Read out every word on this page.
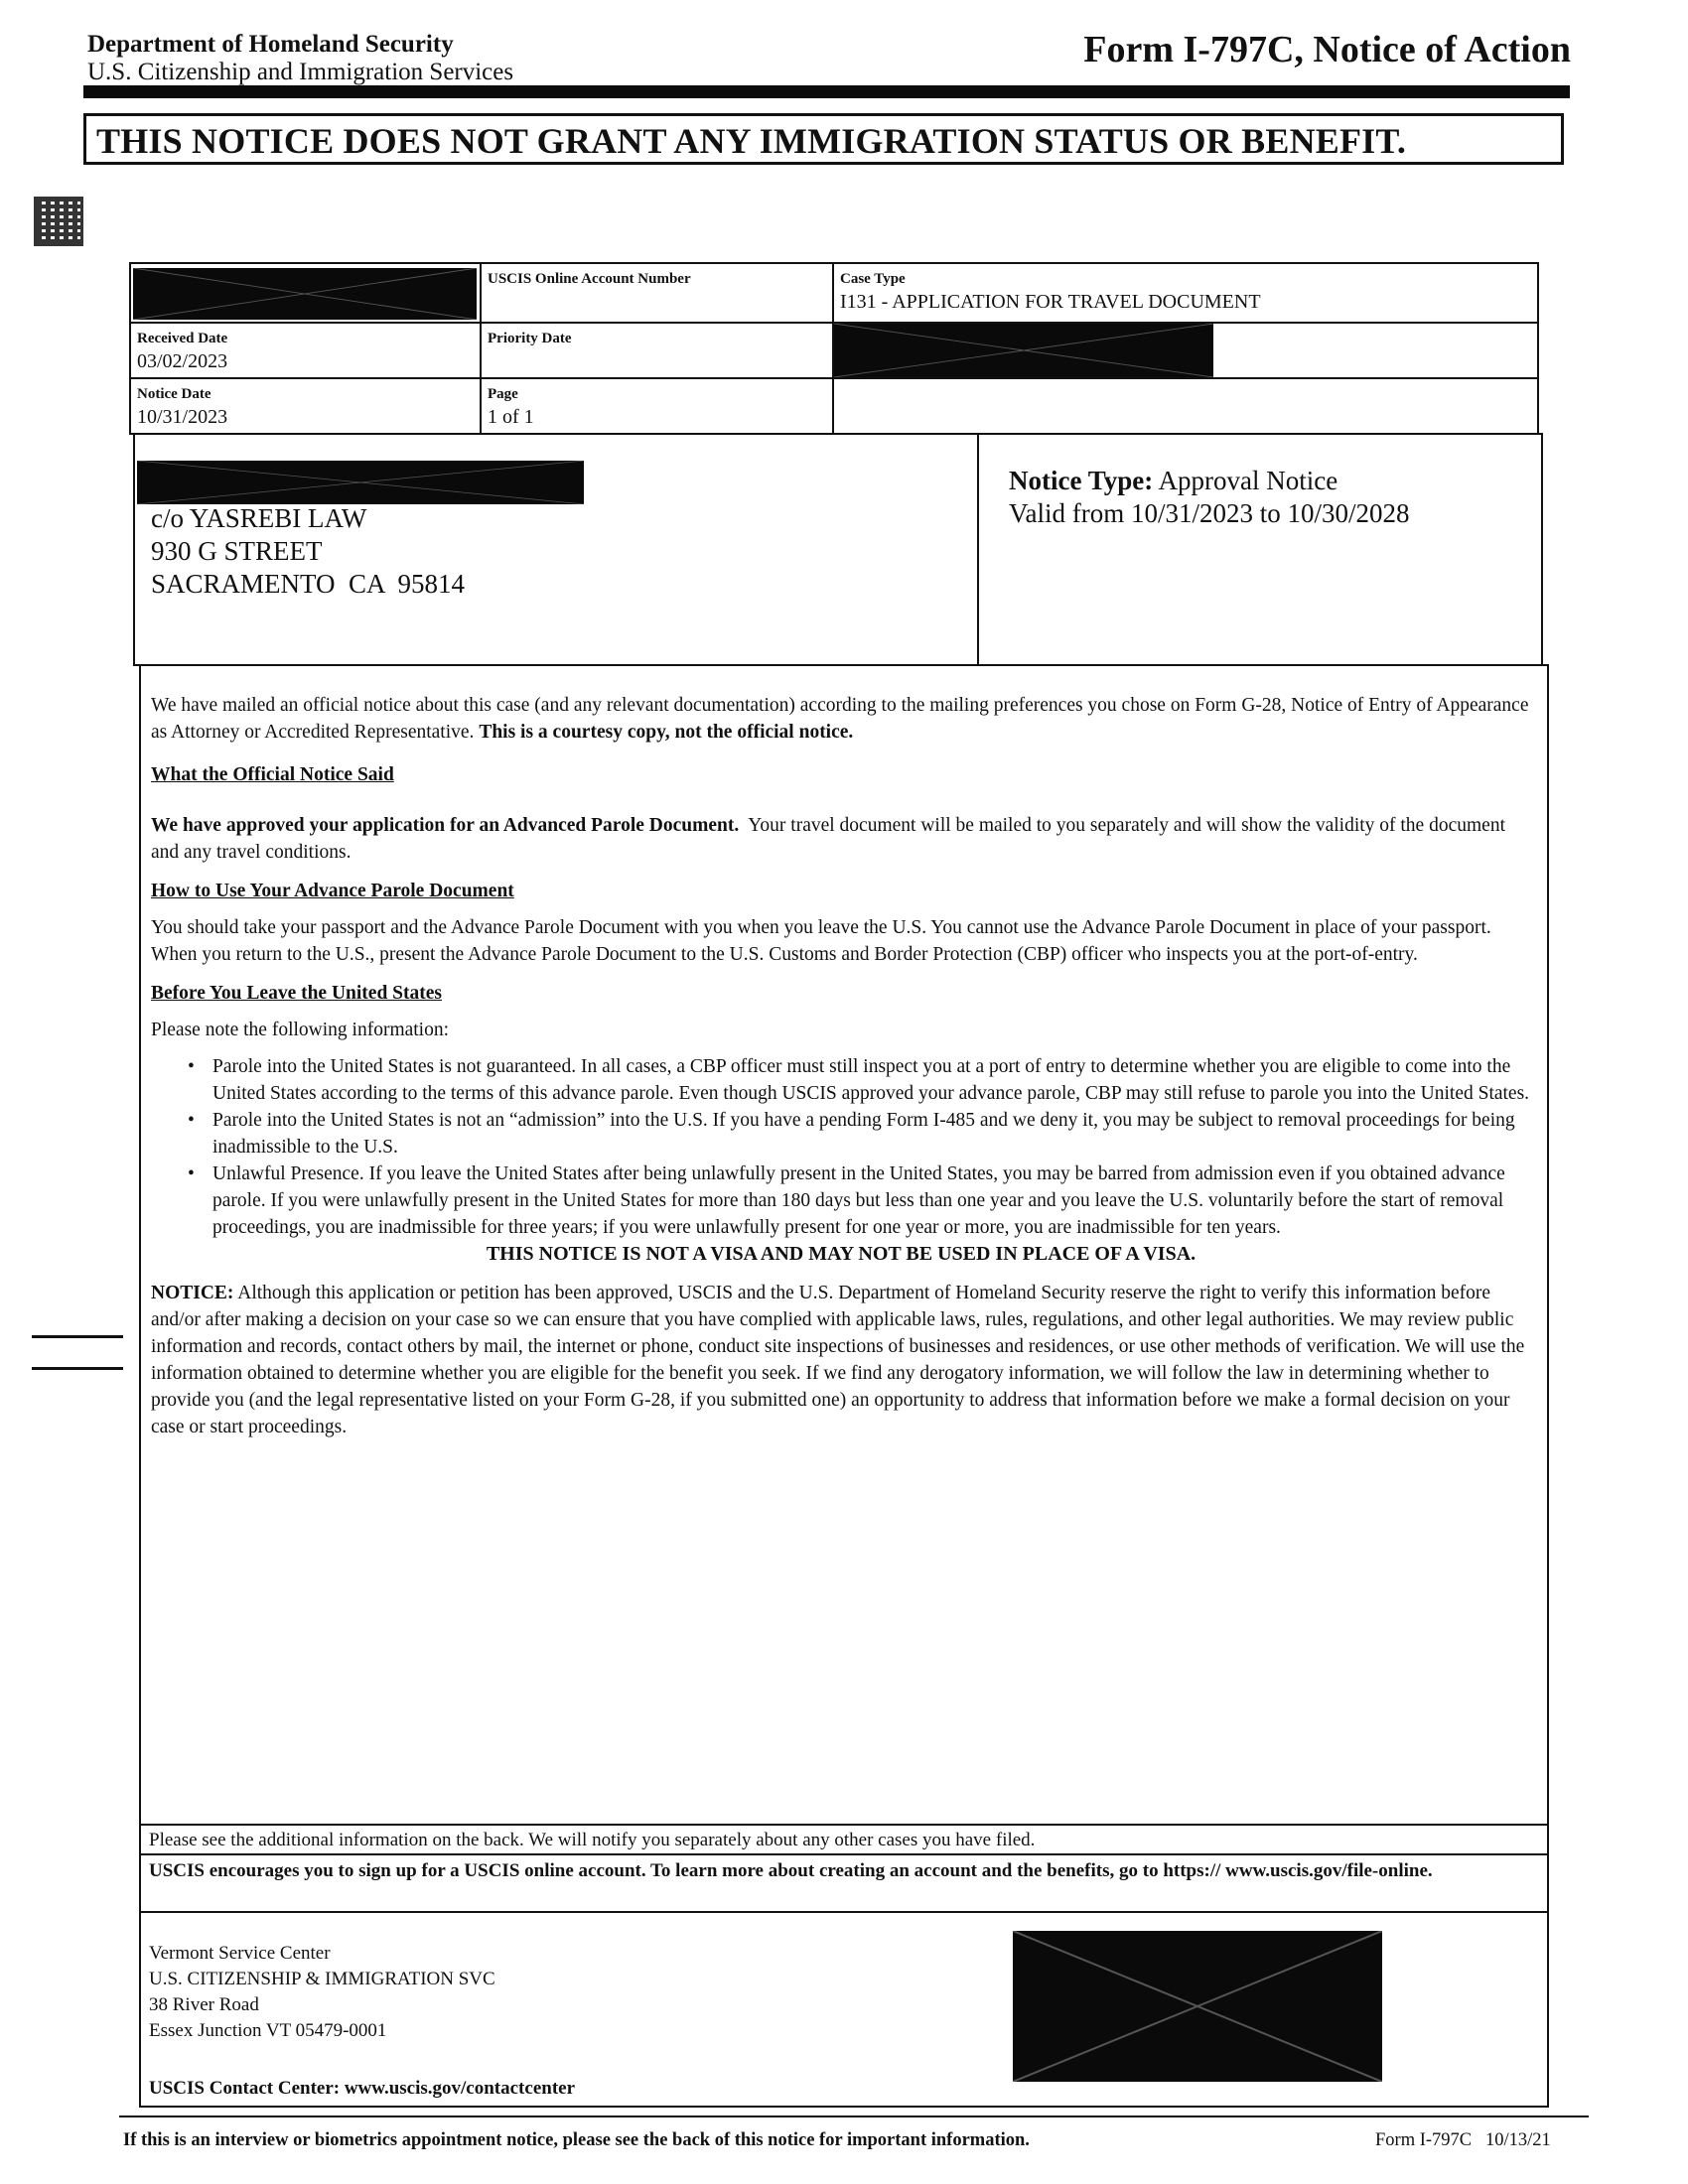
Department of Homeland Security
U.S. Citizenship and Immigration Services
Form I-797C, Notice of Action
THIS NOTICE DOES NOT GRANT ANY IMMIGRATION STATUS OR BENEFIT.
USCIS Online Account Number	Case Type
I131 - APPLICATION FOR TRAVEL DOCUMENT
Received Date
03/02/2023
Priority Date
Notice Date
10/31/2023
Page
1 of 1
c/o YASREBI LAW
930 G STREET
SACRAMENTO  CA  95814
Notice Type: Approval Notice
Valid from 10/31/2023 to 10/30/2028

We have mailed an official notice about this case (and any relevant documentation) according to the mailing preferences you chose on Form G-28, Notice of Entry of Appearance as Attorney or Accredited Representative. This is a courtesy copy, not the official notice.

What the Official Notice Said

We have approved your application for an Advanced Parole Document. Your travel document will be mailed to you separately and will show the validity of the document and any travel conditions.

How to Use Your Advance Parole Document

You should take your passport and the Advance Parole Document with you when you leave the U.S. You cannot use the Advance Parole Document in place of your passport. When you return to the U.S., present the Advance Parole Document to the U.S. Customs and Border Protection (CBP) officer who inspects you at the port-of-entry.

Before You Leave the United States

Please note the following information:

• Parole into the United States is not guaranteed. In all cases, a CBP officer must still inspect you at a port of entry to determine whether you are eligible to come into the United States according to the terms of this advance parole. Even though USCIS approved your advance parole, CBP may still refuse to parole you into the United States.
• Parole into the United States is not an “admission” into the U.S. If you have a pending Form I-485 and we deny it, you may be subject to removal proceedings for being inadmissible to the U.S.
• Unlawful Presence. If you leave the United States after being unlawfully present in the United States, you may be barred from admission even if you obtained advance parole. If you were unlawfully present in the United States for more than 180 days but less than one year and you leave the U.S. voluntarily before the start of removal proceedings, you are inadmissible for three years; if you were unlawfully present for one year or more, you are inadmissible for ten years.

THIS NOTICE IS NOT A VISA AND MAY NOT BE USED IN PLACE OF A VISA.

NOTICE: Although this application or petition has been approved, USCIS and the U.S. Department of Homeland Security reserve the right to verify this information before and/or after making a decision on your case so we can ensure that you have complied with applicable laws, rules, regulations, and other legal authorities. We may review public information and records, contact others by mail, the internet or phone, conduct site inspections of businesses and residences, or use other methods of verification. We will use the information obtained to determine whether you are eligible for the benefit you seek. If we find any derogatory information, we will follow the law in determining whether to provide you (and the legal representative listed on your Form G-28, if you submitted one) an opportunity to address that information before we make a formal decision on your case or start proceedings.

Please see the additional information on the back. We will notify you separately about any other cases you have filed.
USCIS encourages you to sign up for a USCIS online account. To learn more about creating an account and the benefits, go to https:// www.uscis.gov/file-online.
Vermont Service Center
U.S. CITIZENSHIP & IMMIGRATION SVC
38 River Road
Essex Junction VT 05479-0001
USCIS Contact Center: www.uscis.gov/contactcenter
If this is an interview or biometrics appointment notice, please see the back of this notice for important information.	Form I-797C 10/13/21
